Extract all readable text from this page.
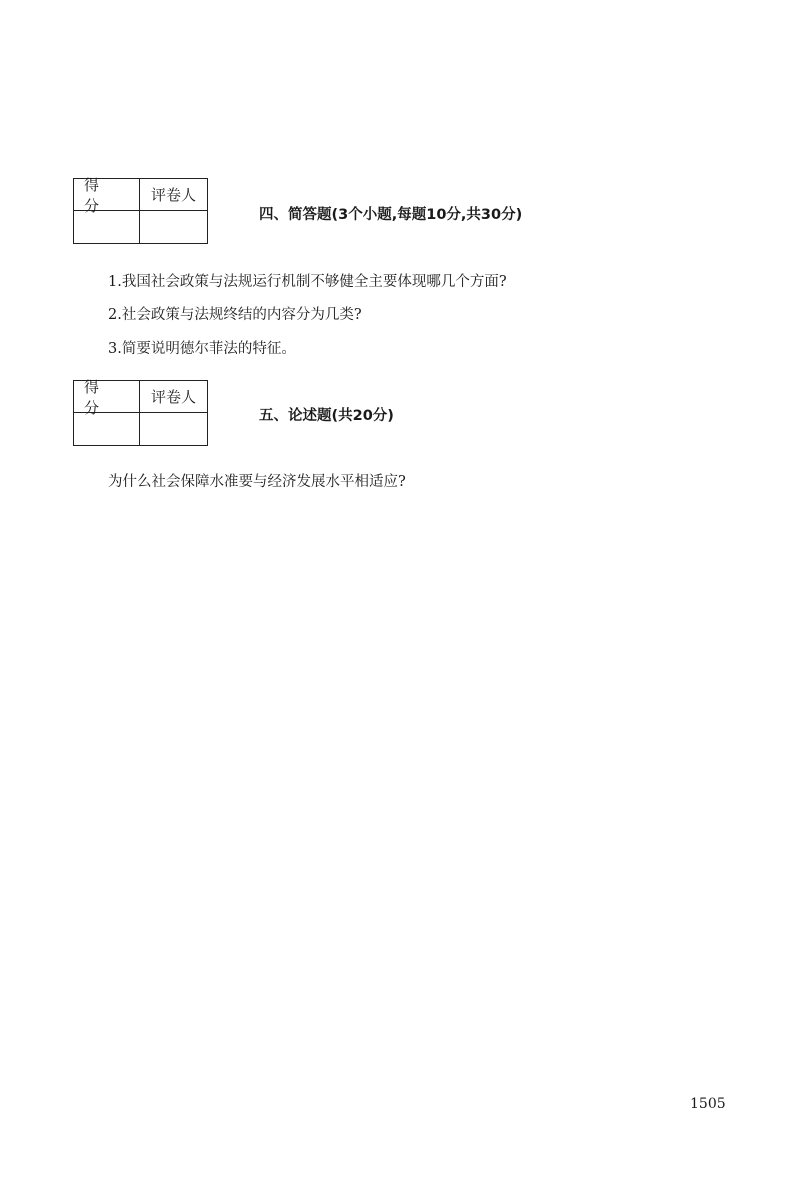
得分
评卷人
四、简答题(3个小题,每题10分,共30分)
1.我国社会政策与法规运行机制不够健全主要体现哪几个方面?
2.社会政策与法规终结的内容分为几类?
3.简要说明德尔菲法的特征。
得分
评卷人
五、论述题(共20分)
为什么社会保障水准要与经济发展水平相适应?
1505
